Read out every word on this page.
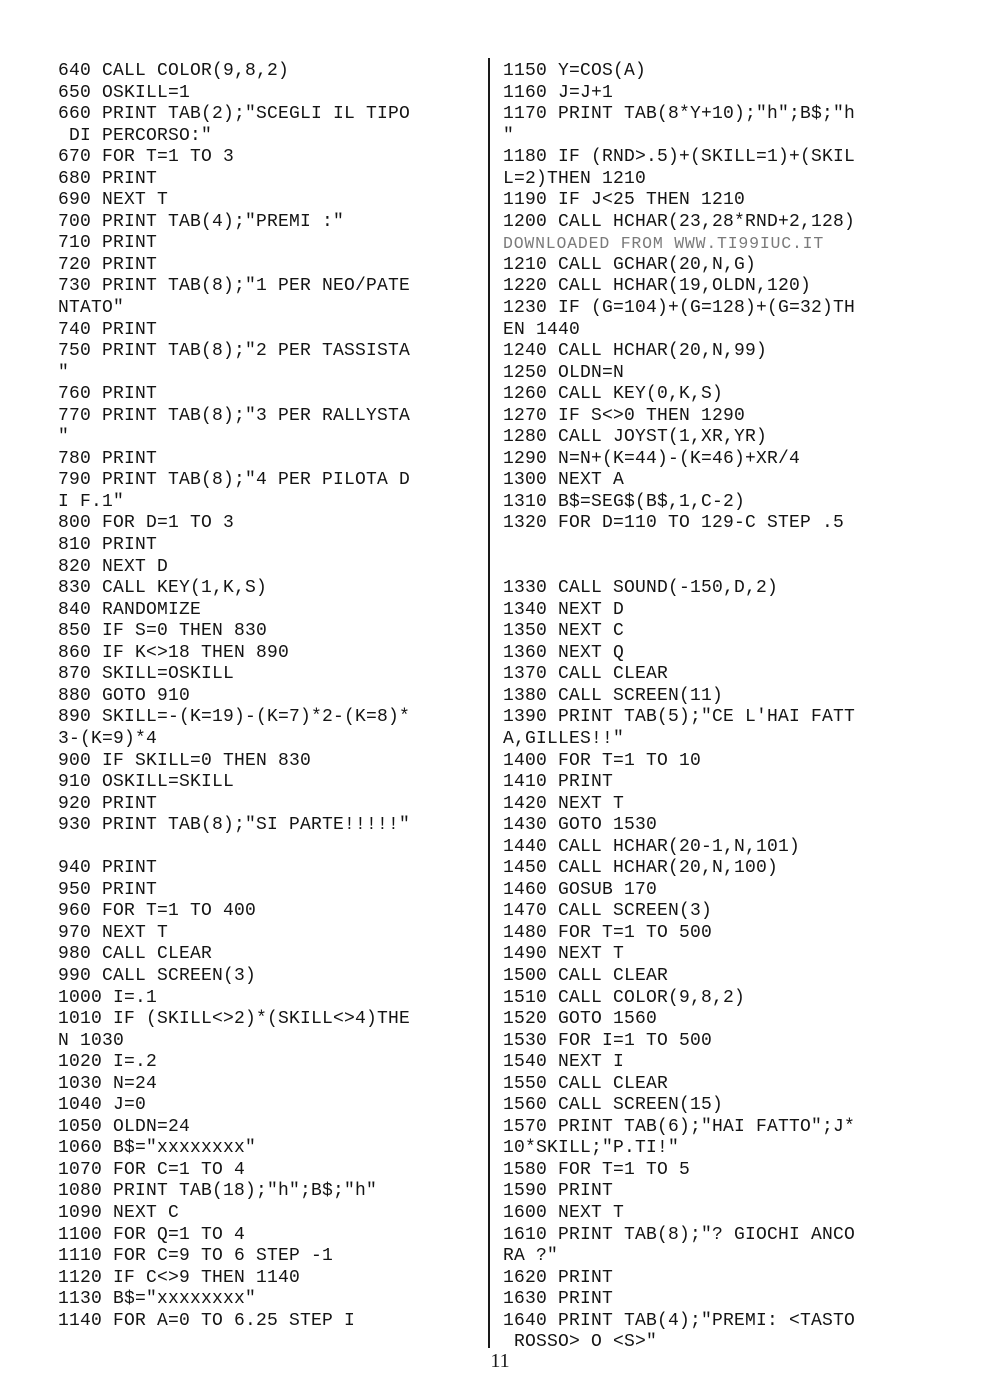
640 CALL COLOR(9,8,2)
650 OSKILL=1
660 PRINT TAB(2);"SCEGLI IL TIPO
DI PERCORSO:"
670 FOR T=1 TO 3
680 PRINT
690 NEXT T
700 PRINT TAB(4);"PREMI :"
710 PRINT
720 PRINT
730 PRINT TAB(8);"1 PER NEO/PATE
NTATO"
740 PRINT
750 PRINT TAB(8);"2 PER TASSISTA
"
760 PRINT
770 PRINT TAB(8);"3 PER RALLYSTA
"
780 PRINT
790 PRINT TAB(8);"4 PER PILOTA D
I F.1"
800 FOR D=1 TO 3
810 PRINT
820 NEXT D
830 CALL KEY(1,K,S)
840 RANDOMIZE
850 IF S=0 THEN 830
860 IF K<>18 THEN 890
870 SKILL=OSKILL
880 GOTO 910
890 SKILL=-(K=19)-(K=7)*2-(K=8)*
3-(K=9)*4
900 IF SKILL=0 THEN 830
910 OSKILL=SKILL
920 PRINT
930 PRINT TAB(8);"SI PARTE!!!!!"

940 PRINT
950 PRINT
960 FOR T=1 TO 400
970 NEXT T
980 CALL CLEAR
990 CALL SCREEN(3)
1000 I=.1
1010 IF (SKILL<>2)*(SKILL<>4)THE
N 1030
1020 I=.2
1030 N=24
1040 J=0
1050 OLDN=24
1060 B$="xxxxxxxx"
1070 FOR C=1 TO 4
1080 PRINT TAB(18);"h";B$;"h"
1090 NEXT C
1100 FOR Q=1 TO 4
1110 FOR C=9 TO 6 STEP -1
1120 IF C<>9 THEN 1140
1130 B$="xxxxxxxx"
1140 FOR A=0 TO 6.25 STEP I
1150 Y=COS(A)
1160 J=J+1
1170 PRINT TAB(8*Y+10);"h";B$;"h
"
1180 IF (RND>.5)+(SKILL=1)+(SKIL
L=2)THEN 1210
1190 IF J<25 THEN 1210
1200 CALL HCHAR(23,28*RND+2,128)
DOWNLOADED FROM WWW.TI99IUC.IT
1210 CALL GCHAR(20,N,G)
1220 CALL HCHAR(19,OLDN,120)
1230 IF (G=104)+(G=128)+(G=32)TH
EN 1440
1240 CALL HCHAR(20,N,99)
1250 OLDN=N
1260 CALL KEY(0,K,S)
1270 IF S<>0 THEN 1290
1280 CALL JOYST(1,XR,YR)
1290 N=N+(K=44)-(K=46)+XR/4
1300 NEXT A
1310 B$=SEG$(B$,1,C-2)
1320 FOR D=110 TO 129-C STEP .5

1330 CALL SOUND(-150,D,2)
1340 NEXT D
1350 NEXT C
1360 NEXT Q
1370 CALL CLEAR
1380 CALL SCREEN(11)
1390 PRINT TAB(5);"CE L'HAI FATT
A,GILLES!!"
1400 FOR T=1 TO 10
1410 PRINT
1420 NEXT T
1430 GOTO 1530
1440 CALL HCHAR(20-1,N,101)
1450 CALL HCHAR(20,N,100)
1460 GOSUB 170
1470 CALL SCREEN(3)
1480 FOR T=1 TO 500
1490 NEXT T
1500 CALL CLEAR
1510 CALL COLOR(9,8,2)
1520 GOTO 1560
1530 FOR I=1 TO 500
1540 NEXT I
1550 CALL CLEAR
1560 CALL SCREEN(15)
1570 PRINT TAB(6);"HAI FATTO";J*
10*SKILL;"P.TI!"
1580 FOR T=1 TO 5
1590 PRINT
1600 NEXT T
1610 PRINT TAB(8);"? GIOCHI ANCO
RA ?"
1620 PRINT
1630 PRINT
1640 PRINT TAB(4);"PREMI: <TASTO
ROSSO> O <S>"
11
